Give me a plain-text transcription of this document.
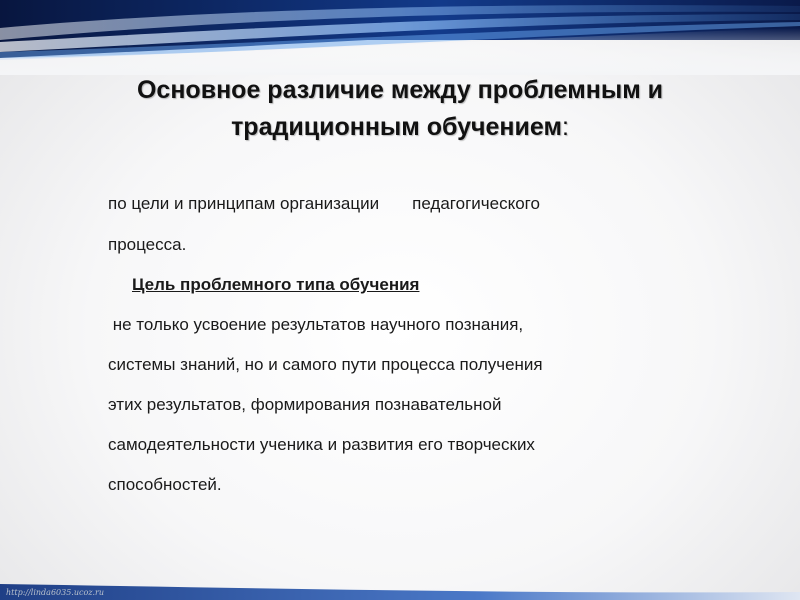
Основное различие между проблемным и
традиционным обучением:
по цели и принципам организации       педагогического
процесса.
Цель проблемного типа обучения
не только усвоение результатов научного познания,
системы знаний, но и самого пути процесса получения
этих результатов, формирования познавательной
самодеятельности ученика и развития его творческих
способностей.
http://linda6035.ucoz.ru
